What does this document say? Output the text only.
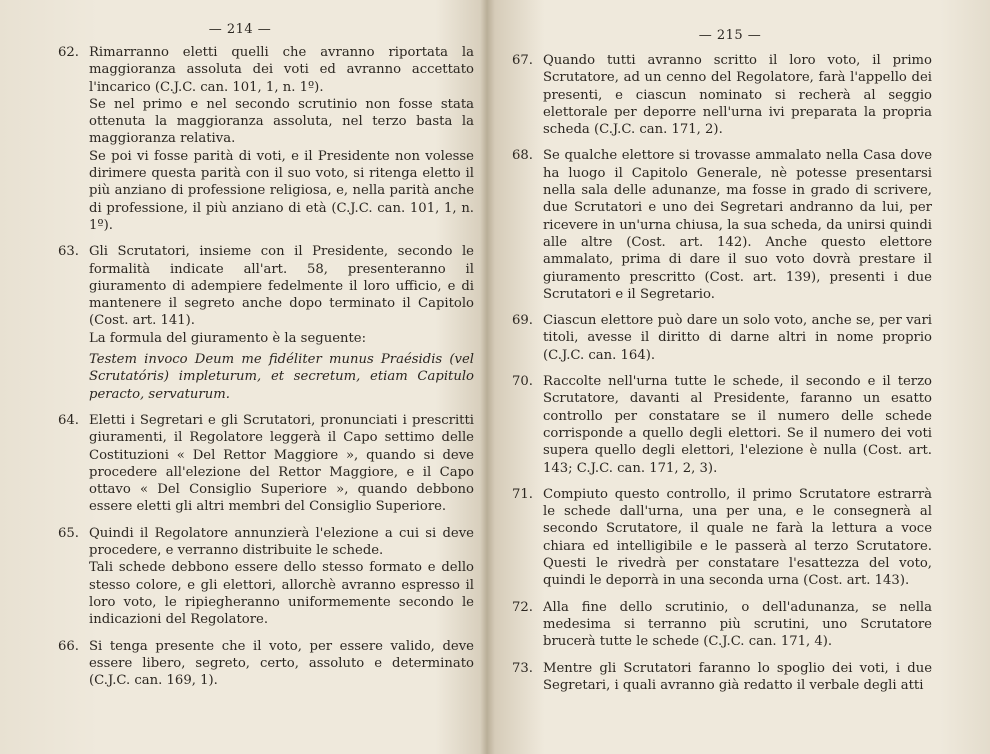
— 214 —
62. Rimarranno eletti quelli che avranno riportata la maggioranza assoluta dei voti ed avranno accettato l'incarico (C.J.C. can. 101, 1, n. 1º).

Se nel primo e nel secondo scrutinio non fosse stata ottenuta la maggioranza assoluta, nel terzo basta la maggioranza relativa.

Se poi vi fosse parità di voti, e il Presidente non volesse dirimere questa parità con il suo voto, si ritenga eletto il più anziano di professione religiosa, e, nella parità anche di professione, il più anziano di età (C.J.C. can. 101, 1, n. 1º).

63. Gli Scrutatori, insieme con il Presidente, secondo le formalità indicate all'art. 58, presenteranno il giuramento di adempiere fedelmente il loro ufficio, e di mantenere il segreto anche dopo terminato il Capitolo (Cost. art. 141).

La formula del giuramento è la seguente:

Testem invoco Deum me fidéliter munus Praésidis (vel Scrutatóris) impleturum, et secretum, etiam Capitulo peracto, servaturum.

64. Eletti i Segretari e gli Scrutatori, pronunciati i prescritti giuramenti, il Regolatore leggerà il Capo settimo delle Costituzioni « Del Rettor Maggiore », quando si deve procedere all'elezione del Rettor Maggiore, e il Capo ottavo « Del Consiglio Superiore », quando debbono essere eletti gli altri membri del Consiglio Superiore.

65. Quindi il Regolatore annunzierà l'elezione a cui si deve procedere, e verranno distribuite le schede.

Tali schede debbono essere dello stesso formato e dello stesso colore, e gli elettori, allorchè avranno espresso il loro voto, le ripiegheranno uniformemente secondo le indicazioni del Regolatore.

66. Si tenga presente che il voto, per essere valido, deve essere libero, segreto, certo, assoluto e determinato (C.J.C. can. 169, 1).

— 215 —
67. Quando tutti avranno scritto il loro voto, il primo Scrutatore, ad un cenno del Regolatore, farà l'appello dei presenti, e ciascun nominato si recherà al seggio elettorale per deporre nell'urna ivi preparata la propria scheda (C.J.C. can. 171, 2).

68. Se qualche elettore si trovasse ammalato nella Casa dove ha luogo il Capitolo Generale, nè potesse presentarsi nella sala delle adunanze, ma fosse in grado di scrivere, due Scrutatori e uno dei Segretari andranno da lui, per ricevere in un'urna chiusa, la sua scheda, da unirsi quindi alle altre (Cost. art. 142). Anche questo elettore ammalato, prima di dare il suo voto dovrà prestare il giuramento prescritto (Cost. art. 139), presenti i due Scrutatori e il Segretario.

69. Ciascun elettore può dare un solo voto, anche se, per vari titoli, avesse il diritto di darne altri in nome proprio (C.J.C. can. 164).

70. Raccolte nell'urna tutte le schede, il secondo e il terzo Scrutatore, davanti al Presidente, faranno un esatto controllo per constatare se il numero delle schede corrisponde a quello degli elettori. Se il numero dei voti supera quello degli elettori, l'elezione è nulla (Cost. art. 143; C.J.C. can. 171, 2, 3).

71. Compiuto questo controllo, il primo Scrutatore estrarrà le schede dall'urna, una per una, e le consegnerà al secondo Scrutatore, il quale ne farà la lettura a voce chiara ed intelligibile e le passerà al terzo Scrutatore. Questi le rivedrà per constatare l'esattezza del voto, quindi le deporrà in una seconda urna (Cost. art. 143).

72. Alla fine dello scrutinio, o dell'adunanza, se nella medesima si terranno più scrutini, uno Scrutatore brucerà tutte le schede (C.J.C. can. 171, 4).

73. Mentre gli Scrutatori faranno lo spoglio dei voti, i due Segretari, i quali avranno già redatto il verbale degli atti
